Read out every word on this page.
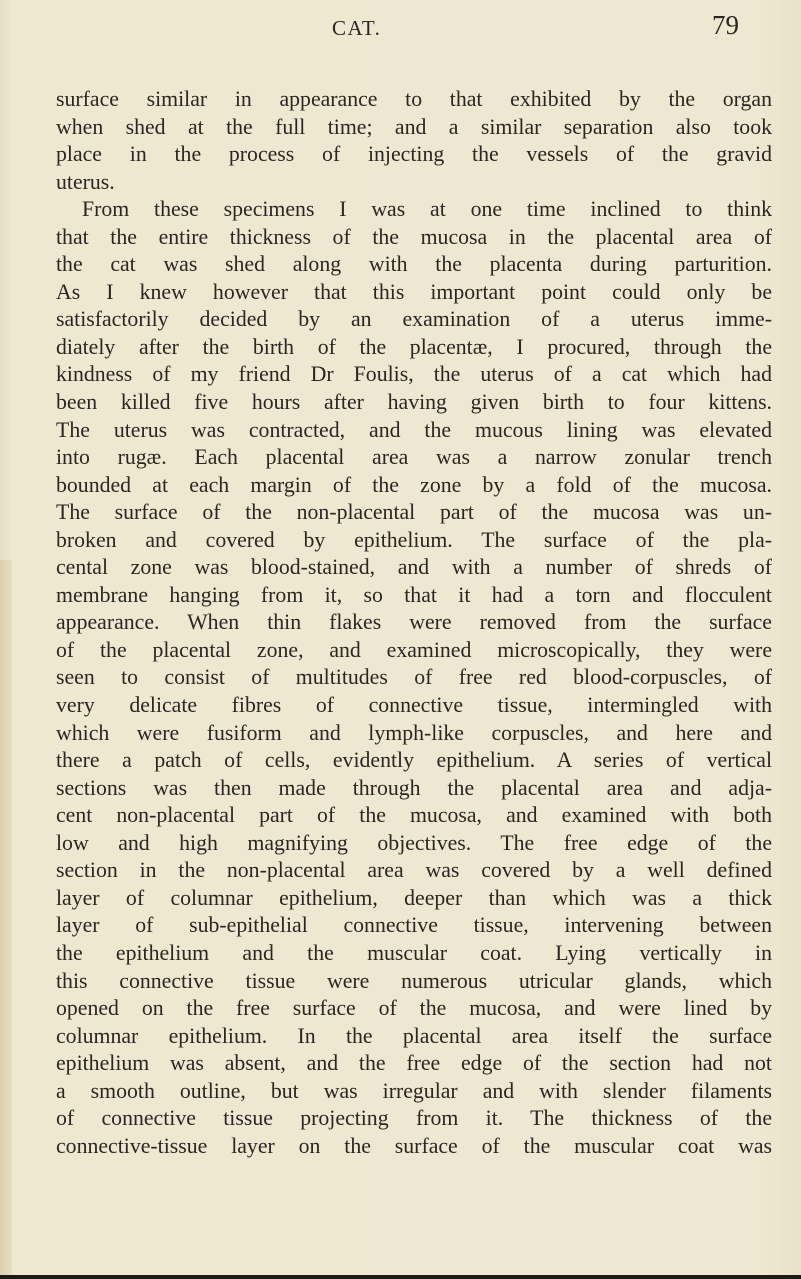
CAT.	79

surface similar in appearance to that exhibited by the organ

when shed at the full time; and a similar separation also took

place in the process of injecting the vessels of the gravid

uterus.

From these specimens I was at one time inclined to think

that the entire thickness of the mucosa in the placental area of

the cat was shed along with the placenta during parturition.

As I knew however that this important point could only be

satisfactorily decided by an examination of a uterus imme-

diately after the birth of the placentæ, I procured, through the

kindness of my friend Dr Foulis, the uterus of a cat which had

been killed five hours after having given birth to four kittens.

The uterus was contracted, and the mucous lining was elevated

into rugæ. Each placental area was a narrow zonular trench

bounded at each margin of the zone by a fold of the mucosa.

The surface of the non-placental part of the mucosa was un-

broken and covered by epithelium. The surface of the pla-

cental zone was blood-stained, and with a number of shreds of

membrane hanging from it, so that it had a torn and flocculent

appearance. When thin flakes were removed from the surface

of the placental zone, and examined microscopically, they were

seen to consist of multitudes of free red blood-corpuscles, of

very delicate fibres of connective tissue, intermingled with

which were fusiform and lymph-like corpuscles, and here and

there a patch of cells, evidently epithelium. A series of vertical

sections was then made through the placental area and adja-

cent non-placental part of the mucosa, and examined with both

low and high magnifying objectives. The free edge of the

section in the non-placental area was covered by a well defined

layer of columnar epithelium, deeper than which was a thick

layer of sub-epithelial connective tissue, intervening between

the epithelium and the muscular coat. Lying vertically in

this connective tissue were numerous utricular glands, which

opened on the free surface of the mucosa, and were lined by

columnar epithelium. In the placental area itself the surface

epithelium was absent, and the free edge of the section had not

a smooth outline, but was irregular and with slender filaments

of connective tissue projecting from it. The thickness of the

connective-tissue layer on the surface of the muscular coat was
